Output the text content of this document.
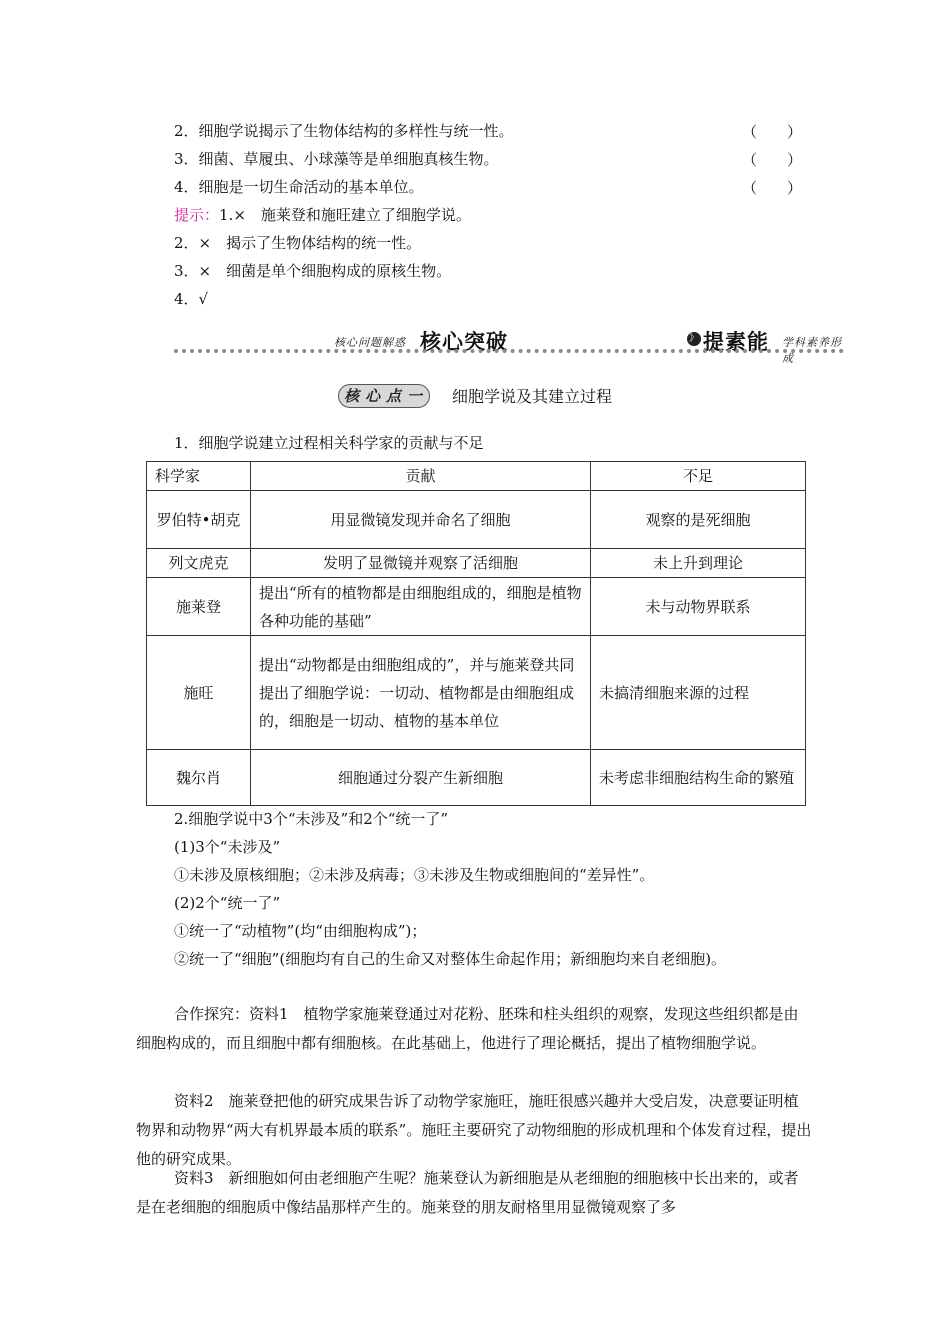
2．细胞学说揭示了生物体结构的多样性与统一性。	（　　）
3．细菌、草履虫、小球藻等是单细胞真核生物。	（　　）
4．细胞是一切生命活动的基本单位。	（　　）
提示：1.×　施莱登和施旺建立了细胞学说。
2．×　揭示了生物体结构的统一性。
3．×　细菌是单个细胞构成的原核生物。
4．√
核心问题解惑 核心突破	》 提素能 学科素养形成
核 心 点 一 细胞学说及其建立过程
1．细胞学说建立过程相关科学家的贡献与不足
科学家	贡献	不足
罗伯特•胡克	用显微镜发现并命名了细胞	观察的是死细胞
列文虎克	发明了显微镜并观察了活细胞	未上升到理论
施莱登	提出“所有的植物都是由细胞组成的，细胞是植物各种功能的基础”	未与动物界联系
施旺	提出“动物都是由细胞组成的”，并与施莱登共同提出了细胞学说：一切动、植物都是由细胞组成的，细胞是一切动、植物的基本单位	未搞清细胞来源的过程
魏尔肖	细胞通过分裂产生新细胞	未考虑非细胞结构生命的繁殖
2.细胞学说中3个“未涉及”和2个“统一了”
(1)3个“未涉及”
①未涉及原核细胞；②未涉及病毒；③未涉及生物或细胞间的“差异性”。
(2)2个“统一了”
①统一了“动植物”(均“由细胞构成”)；
②统一了“细胞”(细胞均有自己的生命又对整体生命起作用；新细胞均来自老细胞)。
合作探究：资料1　植物学家施莱登通过对花粉、胚珠和柱头组织的观察，发现这些组织都是由细胞构成的，而且细胞中都有细胞核。在此基础上，他进行了理论概括，提出了植物细胞学说。
资料2　施莱登把他的研究成果告诉了动物学家施旺，施旺很感兴趣并大受启发，决意要证明植物界和动物界“两大有机界最本质的联系”。施旺主要研究了动物细胞的形成机理和个体发育过程，提出他的研究成果。
资料3　新细胞如何由老细胞产生呢？施莱登认为新细胞是从老细胞的细胞核中长出来的，或者是在老细胞的细胞质中像结晶那样产生的。施莱登的朋友耐格里用显微镜观察了多
